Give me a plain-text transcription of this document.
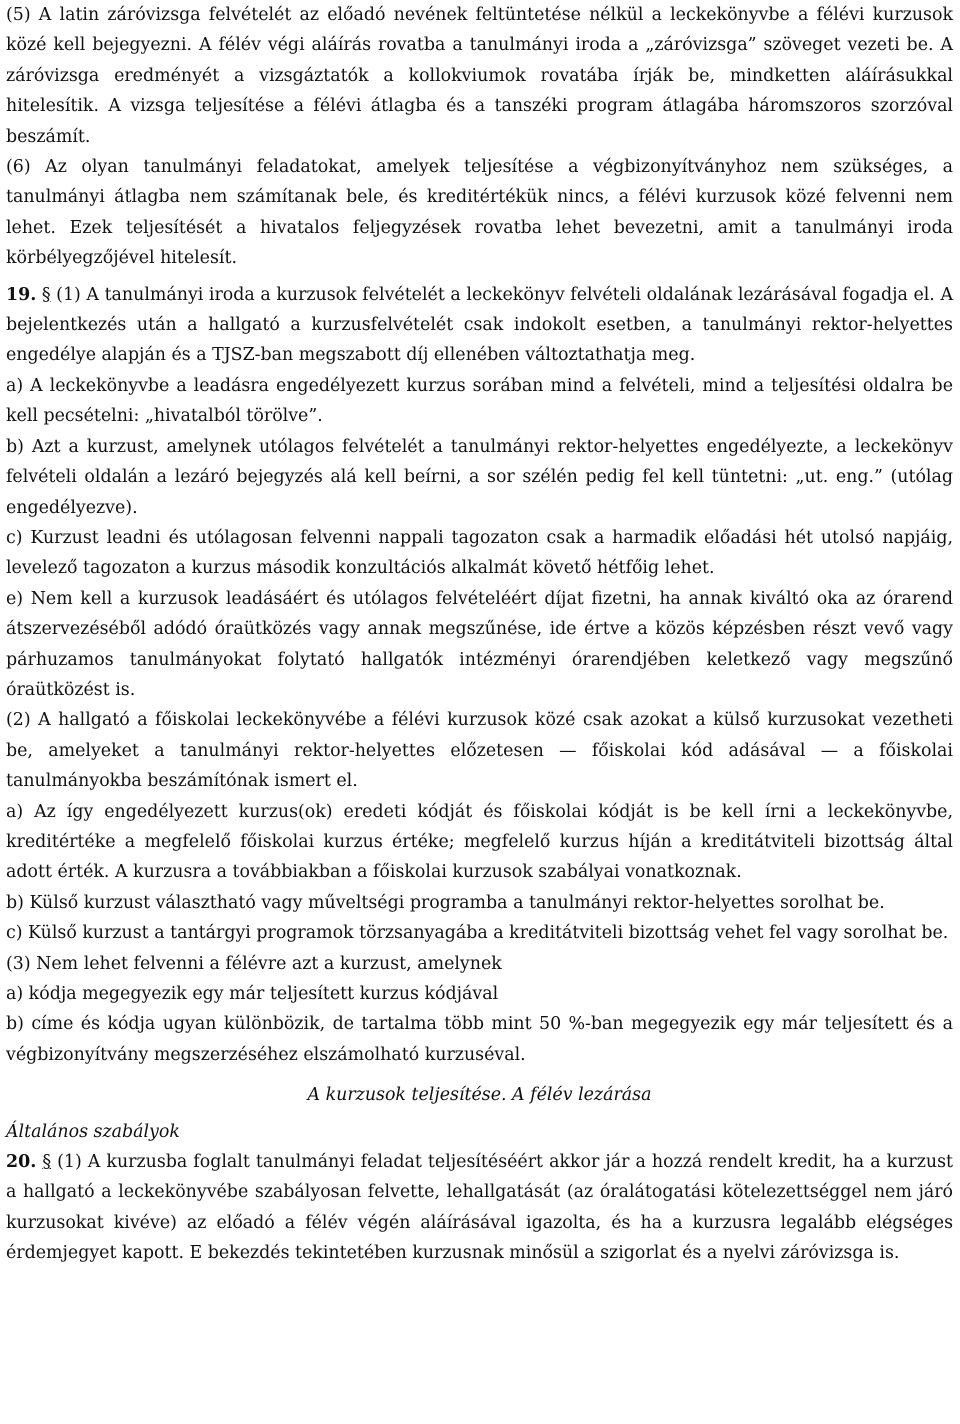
(5) A latin záróvizsga felvételét az előadó nevének feltüntetése nélkül a leckekönyvbe a félévi kurzusok közé kell bejegyezni. A félév végi aláírás rovatba a tanulmányi iroda a „záróvizsga” szöveget vezeti be. A záróvizsga eredményét a vizsgáztatók a kollokviumok rovatába írják be, mindketten aláírásukkal hitelesítik. A vizsga teljesítése a félévi átlagba és a tanszéki program átlagába háromszoros szorzóval beszámít.

(6) Az olyan tanulmányi feladatokat, amelyek teljesítése a végbizonyítványhoz nem szükséges, a tanulmányi átlagba nem számítanak bele, és kreditértékük nincs, a félévi kurzusok közé felvenni nem lehet. Ezek teljesítését a hivatalos feljegyzések rovatba lehet bevezetni, amit a tanulmányi iroda körbélyegzőjével hitelesít.

19. § (1) A tanulmányi iroda a kurzusok felvételét a leckekönyv felvételi oldalának lezárásával fogadja el. A bejelentkezés után a hallgató a kurzusfelvételét csak indokolt esetben, a tanulmányi rektor-helyettes engedélye alapján és a TJSZ-ban megszabott díj ellenében változtathatja meg.

a) A leckekönyvbe a leadásra engedélyezett kurzus sorában mind a felvételi, mind a teljesítési oldalra be kell pecsételni: „hivatalból törölve”.

b) Azt a kurzust, amelynek utólagos felvételét a tanulmányi rektor-helyettes engedélyezte, a leckekönyv felvételi oldalán a lezáró bejegyzés alá kell beírni, a sor szélén pedig fel kell tüntetni: „ut. eng.” (utólag engedélyezve).

c) Kurzust leadni és utólagosan felvenni nappali tagozaton csak a harmadik előadási hét utolsó napjáig, levelező tagozaton a kurzus második konzultációs alkalmát követő hétfőig lehet.

e) Nem kell a kurzusok leadásáért és utólagos felvételéért díjat fizetni, ha annak kiváltó oka az órarend átszervezéséből adódó óraütközés vagy annak megszűnése, ide értve a közös képzésben részt vevő vagy párhuzamos tanulmányokat folytató hallgatók intézményi órarendjében keletkező vagy megszűnő óraütközést is.

(2) A hallgató a főiskolai leckekönyvébe a félévi kurzusok közé csak azokat a külső kurzusokat vezetheti be, amelyeket a tanulmányi rektor-helyettes előzetesen — főiskolai kód adásával — a főiskolai tanulmányokba beszámítónak ismert el.

a) Az így engedélyezett kurzus(ok) eredeti kódját és főiskolai kódját is be kell írni a leckekönyvbe, kreditértéke a megfelelő főiskolai kurzus értéke; megfelelő kurzus híján a kreditátviteli bizottság által adott érték. A kurzusra a továbbiakban a főiskolai kurzusok szabályai vonatkoznak.

b) Külső kurzust választható vagy műveltségi programba a tanulmányi rektor-helyettes sorolhat be.

c) Külső kurzust a tantárgyi programok törzsanyagába a kreditátviteli bizottság vehet fel vagy sorolhat be.

(3) Nem lehet felvenni a félévre azt a kurzust, amelynek

a) kódja megegyezik egy már teljesített kurzus kódjával

b) címe és kódja ugyan különbözik, de tartalma több mint 50 %-ban megegyezik egy már teljesített és a végbizonyítvány megszerzéséhez elszámolható kurzuséval.

A kurzusok teljesítése. A félév lezárása

Általános szabályok

20. § (1) A kurzusba foglalt tanulmányi feladat teljesítéséért akkor jár a hozzá rendelt kredit, ha a kurzust a hallgató a leckekönyvébe szabályosan felvette, lehallgatását (az óralátogatási kötelezettséggel nem járó kurzusokat kivéve) az előadó a félév végén aláírásával igazolta, és ha a kurzusra legalább elégséges érdemjegyet kapott. E bekezdés tekintetében kurzusnak minősül a szigorlat és a nyelvi záróvizsga is.
